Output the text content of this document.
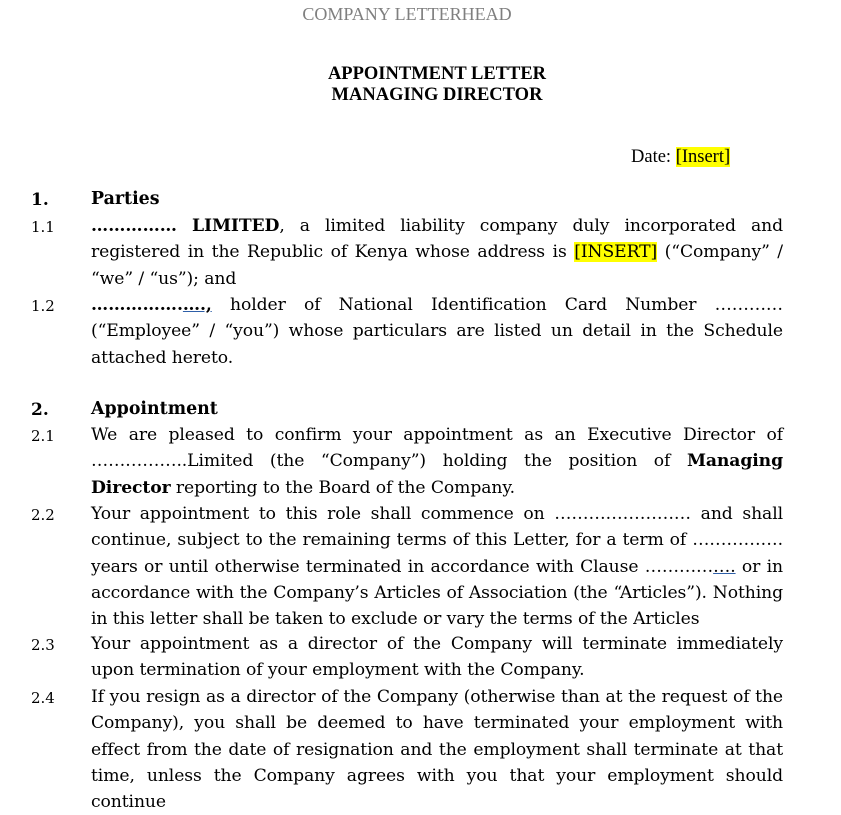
COMPANY LETTERHEAD
APPOINTMENT LETTER
MANAGING DIRECTOR
Date: [Insert]
1. Parties
1.1 …………… LIMITED, a limited liability company duly incorporated and registered in the Republic of Kenya whose address is [INSERT] (“Company” / “we” / “us”); and
1.2 …………….…., holder of National Identification Card Number ………… (“Employee” / “you”) whose particulars are listed un detail in the Schedule attached hereto.
2. Appointment
2.1 We are pleased to confirm your appointment as an Executive Director of ……………..Limited (the “Company”) holding the position of Managing Director reporting to the Board of the Company.
2.2 Your appointment to this role shall commence on …………………… and shall continue, subject to the remaining terms of this Letter, for a term of ……………. years or until otherwise terminated in accordance with Clause ……………. or in accordance with the Company’s Articles of Association (the “Articles”). Nothing in this letter shall be taken to exclude or vary the terms of the Articles
2.3 Your appointment as a director of the Company will terminate immediately upon termination of your employment with the Company.
2.4 If you resign as a director of the Company (otherwise than at the request of the Company), you shall be deemed to have terminated your employment with effect from the date of resignation and the employment shall terminate at that time, unless the Company agrees with you that your employment should continue
